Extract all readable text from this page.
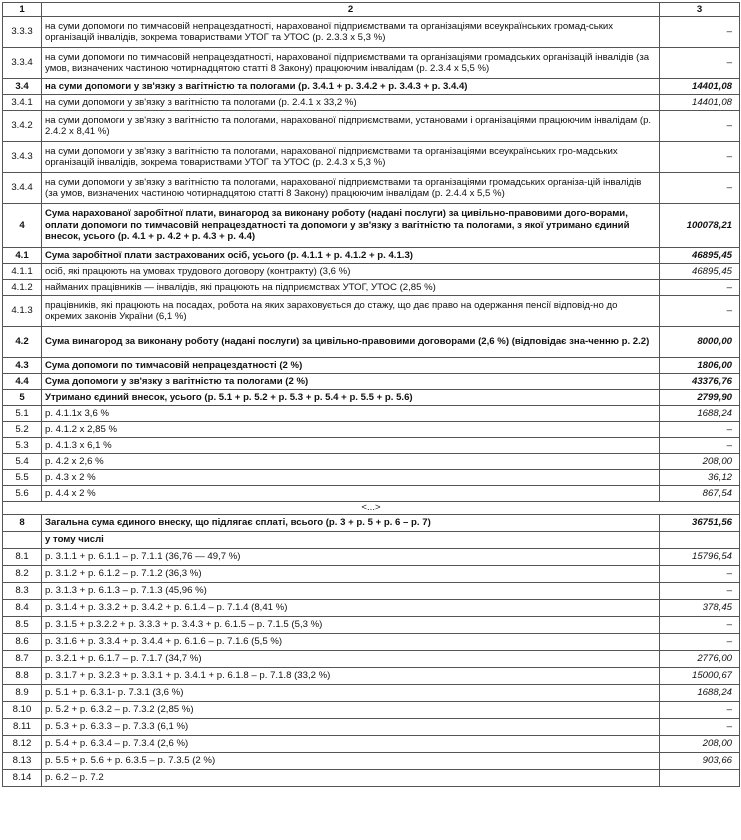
1	2	3
3.3.3	на суми допомоги по тимчасовій непрацездатності, нарахованої підприємствами та організаціями всеукраїнських громад-ських організацій інвалідів, зокрема товариствами УТОГ та УТОС (р. 2.3.3 х 5,3 %)	–
3.3.4	на суми допомоги по тимчасовій непрацездатності, нарахованої підприємствами та організаціями громадських організацій інвалідів (за умов, визначених частиною чотирнадцятою статті 8 Закону) працюючим інвалідам (р. 2.3.4 х 5,5 %)	–
3.4	на суми допомоги у зв'язку з вагітністю та пологами (р. 3.4.1 + р. 3.4.2 + р. 3.4.3 + р. 3.4.4)	14401,08
3.4.1	на суми допомоги у зв'язку з вагітністю та пологами (р. 2.4.1 х 33,2 %)	14401,08
3.4.2	на суми допомоги у зв'язку з вагітністю та пологами, нарахованої підприємствами, установами і організаціями працюючим інвалідам (р. 2.4.2 х 8,41 %)	–
3.4.3	на суми допомоги у зв'язку з вагітністю та пологами, нарахованої підприємствами та організаціями всеукраїнських гро-мадських організацій інвалідів, зокрема товариствами УТОГ та УТОС (р. 2.4.3 х 5,3 %)	–
3.4.4	на суми допомоги у зв'язку з вагітністю та пологами, нарахованої підприємствами та організаціями громадських організа-цій інвалідів (за умов, визначених частиною чотирнадцятою статті 8 Закону) працюючим інвалідам (р. 2.4.4 х 5,5 %)	–
4	Сума нарахованої заробітної плати, винагород за виконану роботу (надані послуги) за цивільно-правовими дого-ворами, оплати допомоги по тимчасовій непрацездатності та допомоги у зв'язку з вагітністю та пологами, з якої утримано єдиний внесок, усього (р. 4.1 + р. 4.2 + р. 4.3 + р. 4.4)	100078,21
4.1	Сума заробітної плати застрахованих осіб, усього (р. 4.1.1 + р. 4.1.2 + р. 4.1.3)	46895,45
4.1.1	осіб, які працюють на умовах трудового договору (контракту) (3,6 %)	46895,45
4.1.2	найманих працівників — інвалідів, які працюють на підприємствах УТОГ, УТОС (2,85 %)	–
4.1.3	працівників, які працюють на посадах, робота на яких зараховується до стажу, що дає право на одержання пенсії відповід-но до окремих законів України (6,1 %)	–
4.2	Сума винагород за виконану роботу (надані послуги) за цивільно-правовими договорами (2,6 %) (відповідає зна-ченню р. 2.2)	8000,00
4.3	Сума допомоги по тимчасовій непрацездатності (2 %)	1806,00
4.4	Сума допомоги у зв'язку з вагітністю та пологами (2 %)	43376,76
5	Утримано єдиний внесок, усього (р. 5.1 + р. 5.2 + р. 5.3 + р. 5.4 + р. 5.5 + р. 5.6)	2799,90
5.1	р. 4.1.1х 3,6 %	1688,24
5.2	р. 4.1.2 х 2,85 %	–
5.3	р. 4.1.3 х 6,1 %	–
5.4	р. 4.2 х 2,6 %	208,00
5.5	р. 4.3 х 2 %	36,12
5.6	р. 4.4 х 2 %	867,54
<...>		
8	Загальна сума єдиного внеску, що підлягає сплаті, всього (р. 3 + р. 5 + р. 6 – р. 7)	36751,56
	у тому числі	
8.1	р. 3.1.1 + р. 6.1.1 – р. 7.1.1 (36,76 — 49,7 %)	15796,54
8.2	р. 3.1.2 + р. 6.1.2 – р. 7.1.2 (36,3 %)	–
8.3	р. 3.1.3 + р. 6.1.3 – р. 7.1.3 (45,96 %)	–
8.4	р. 3.1.4 + р. 3.3.2 + р. 3.4.2 + р. 6.1.4 – р. 7.1.4 (8,41 %)	378,45
8.5	р. 3.1.5 + р.3.2.2 + р. 3.3.3 + р. 3.4.3 + р. 6.1.5 – р. 7.1.5 (5,3 %)	–
8.6	р. 3.1.6 + р. 3.3.4 + р. 3.4.4 + р. 6.1.6 – р. 7.1.6 (5,5 %)	–
8.7	р. 3.2.1 + р. 6.1.7 – р. 7.1.7 (34,7 %)	2776,00
8.8	р. 3.1.7 + р. 3.2.3 + р. 3.3.1 + р. 3.4.1 + р. 6.1.8 – р. 7.1.8 (33,2 %)	15000,67
8.9	р. 5.1 + р. 6.3.1- р. 7.3.1 (3,6 %)	1688,24
8.10	р. 5.2 + р. 6.3.2 – р. 7.3.2 (2,85 %)	–
8.11	р. 5.3 + р. 6.3.3 – р. 7.3.3 (6,1 %)	–
8.12	р. 5.4 + р. 6.3.4 – р. 7.3.4 (2,6 %)	208,00
8.13	р. 5.5 + р. 5.6 + р. 6.3.5 – р. 7.3.5 (2 %)	903,66
8.14	р. 6.2 – р. 7.2	
